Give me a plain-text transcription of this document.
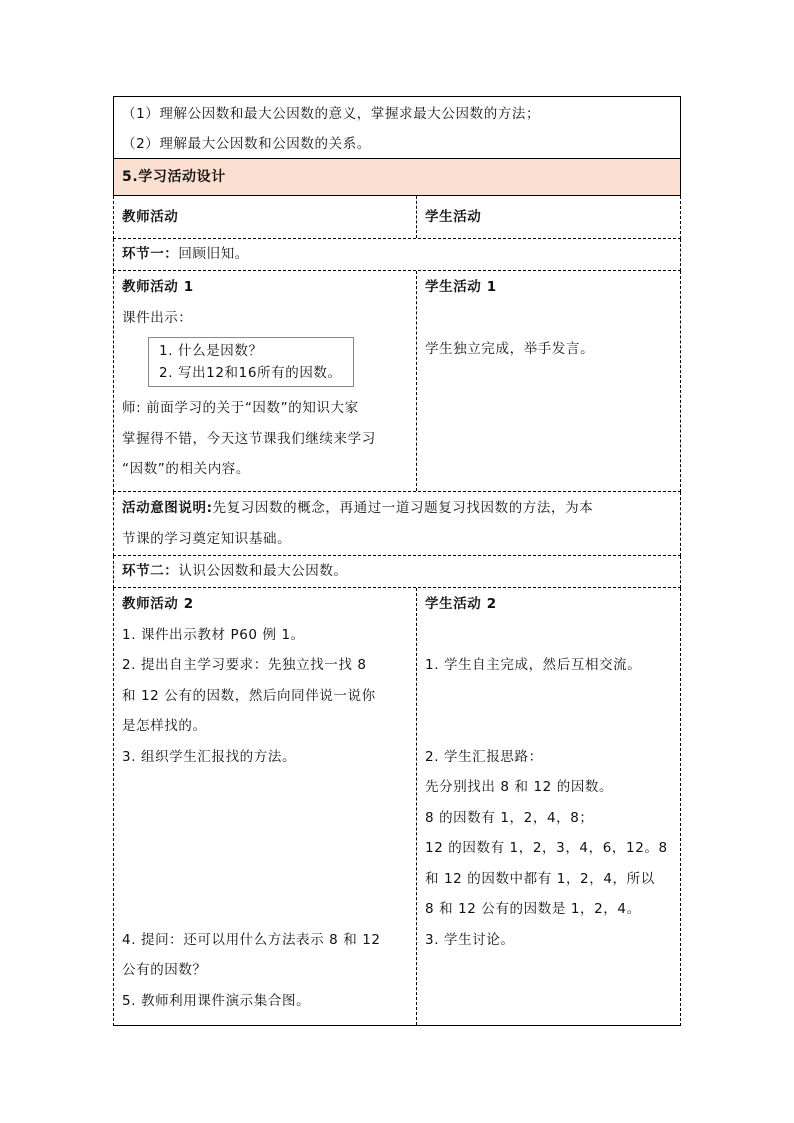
（1）理解公因数和最大公因数的意义，掌握求最大公因数的方法；
（2）理解最大公因数和公因数的关系。
5.学习活动设计
教师活动	学生活动
环节一：回顾旧知。
教师活动 1
课件出示：
1. 什么是因数？
2. 写出12和16所有的因数。
师: 前面学习的关于“因数”的知识大家
掌握得不错，今天这节课我们继续来学习
“因数”的相关内容。
学生活动 1
学生独立完成，举手发言。
活动意图说明:先复习因数的概念，再通过一道习题复习找因数的方法，为本
节课的学习奠定知识基础。
环节二：认识公因数和最大公因数。
教师活动 2
1. 课件出示教材 P60 例 1。
2. 提出自主学习要求：先独立找一找 8
和 12 公有的因数，然后向同伴说一说你
是怎样找的。
3. 组织学生汇报找的方法。
4. 提问：还可以用什么方法表示 8 和 12
公有的因数？
5. 教师利用课件演示集合图。
学生活动 2
1. 学生自主完成，然后互相交流。
2. 学生汇报思路：
先分别找出 8 和 12 的因数。
8 的因数有 1，2，4，8；
12 的因数有 1，2，3，4，6，12。8
和 12 的因数中都有 1，2，4，所以
8 和 12 公有的因数是 1，2，4。
3. 学生讨论。
